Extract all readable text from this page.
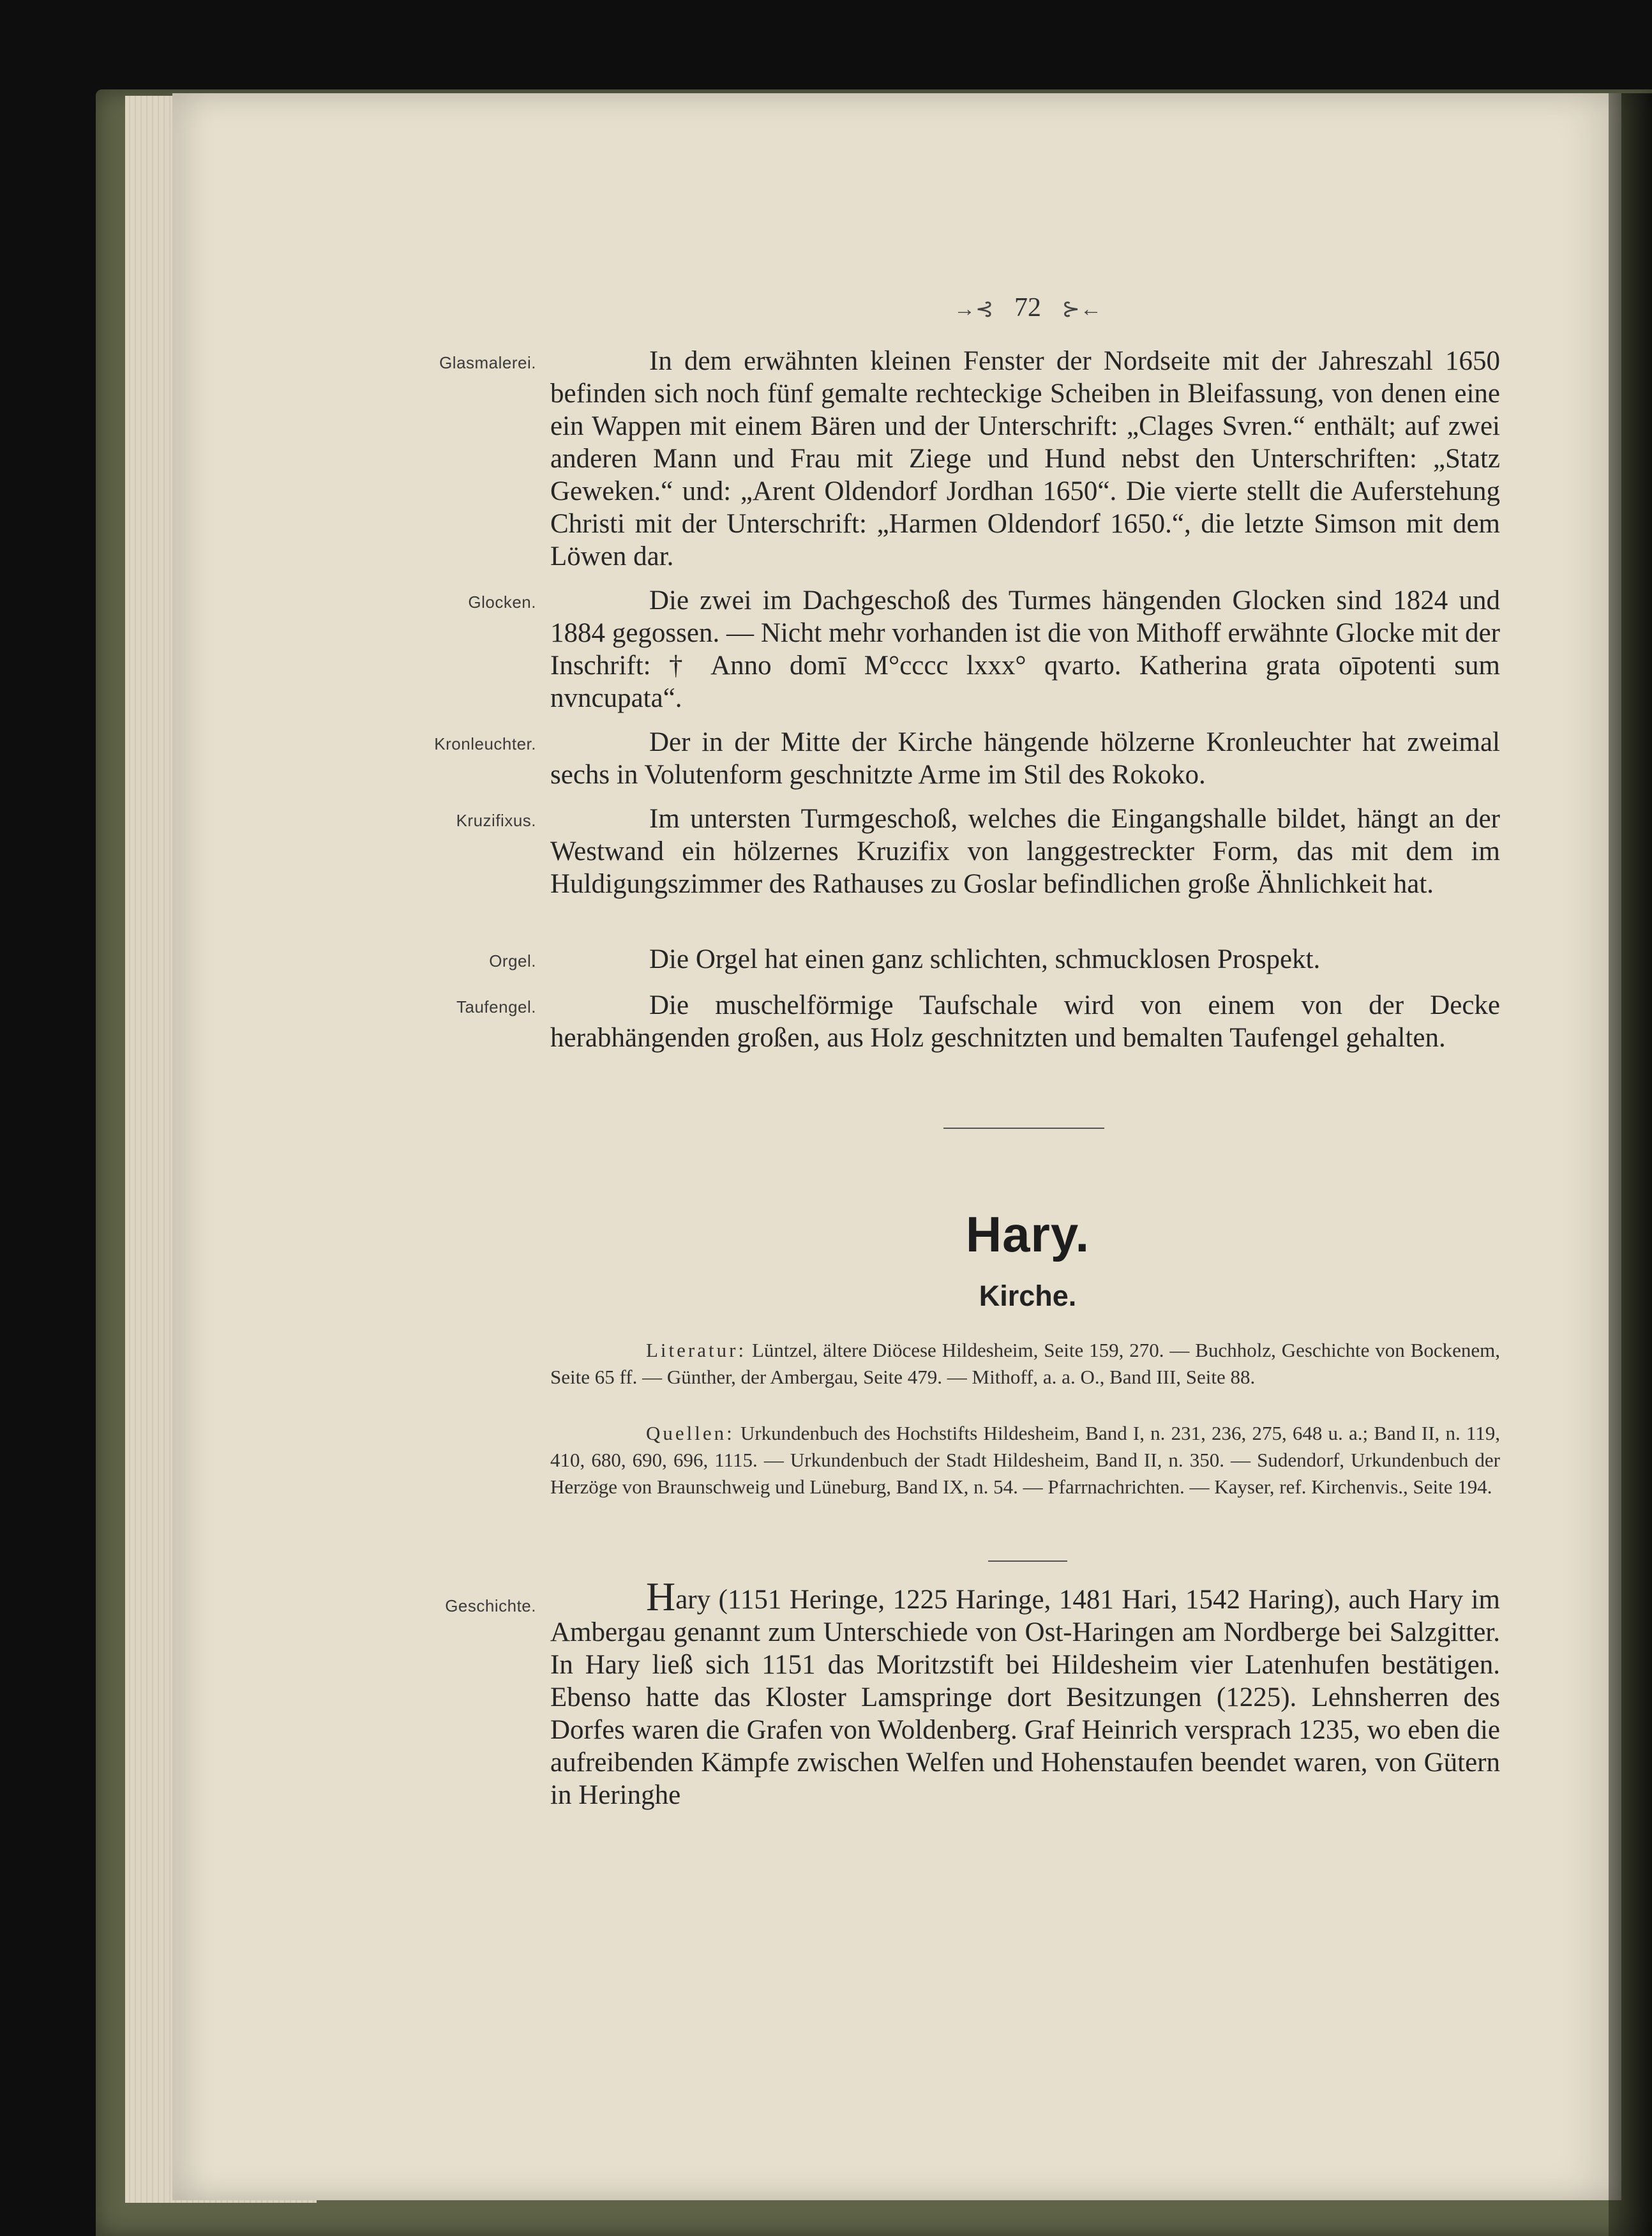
→⊰ 72 ⊱←
Glasmalerei.	In dem erwähnten kleinen Fenster der Nordseite mit der Jahreszahl 1650 befinden sich noch fünf gemalte rechteckige Scheiben in Bleifassung, von denen eine ein Wappen mit einem Bären und der Unterschrift: „Clages Svren.“ enthält; auf zwei anderen Mann und Frau mit Ziege und Hund nebst den Unterschriften: „Statz Geweken.“ und: „Arent Oldendorf Jordhan 1650“. Die vierte stellt die Auferstehung Christi mit der Unterschrift: „Harmen Oldendorf 1650.“, die letzte Simson mit dem Löwen dar.

Glocken.	Die zwei im Dachgeschoß des Turmes hängenden Glocken sind 1824 und 1884 gegossen. — Nicht mehr vorhanden ist die von Mithoff erwähnte Glocke mit der Inschrift: † Anno domī M°cccc lxxx° qvarto. Katherina grata oīpotenti sum nvncupata“.

Kronleuchter.	Der in der Mitte der Kirche hängende hölzerne Kronleuchter hat zweimal sechs in Volutenform geschnitzte Arme im Stil des Rokoko.

Kruzifixus.	Im untersten Turmgeschoß, welches die Eingangshalle bildet, hängt an der Westwand ein hölzernes Kruzifix von langgestreckter Form, das mit dem im Huldigungszimmer des Rathauses zu Goslar befindlichen große Ähnlichkeit hat.

Orgel.	Die Orgel hat einen ganz schlichten, schmucklosen Prospekt.

Taufengel.	Die muschelförmige Taufschale wird von einem von der Decke herabhängenden großen, aus Holz geschnitzten und bemalten Taufengel gehalten.

Hary.
Kirche.

Literatur: Lüntzel, ältere Diöcese Hildesheim, Seite 159, 270. — Buchholz, Geschichte von Bockenem, Seite 65 ff. — Günther, der Ambergau, Seite 479. — Mithoff, a. a. O., Band III, Seite 88.

Quellen: Urkundenbuch des Hochstifts Hildesheim, Band I, n. 231, 236, 275, 648 u. a.; Band II, n. 119, 410, 680, 690, 696, 1115. — Urkundenbuch der Stadt Hildesheim, Band II, n. 350. — Sudendorf, Urkundenbuch der Herzöge von Braunschweig und Lüneburg, Band IX, n. 54. — Pfarrnachrichten. — Kayser, ref. Kirchenvis., Seite 194.

Geschichte.	Hary (1151 Heringe, 1225 Haringe, 1481 Hari, 1542 Haring), auch Hary im Ambergau genannt zum Unterschiede von Ost-Haringen am Nordberge bei Salzgitter. In Hary ließ sich 1151 das Moritzstift bei Hildesheim vier Latenhufen bestätigen. Ebenso hatte das Kloster Lamspringe dort Besitzungen (1225). Lehnsherren des Dorfes waren die Grafen von Woldenberg. Graf Heinrich versprach 1235, wo eben die aufreibenden Kämpfe zwischen Welfen und Hohenstaufen beendet waren, von Gütern in Heringhe
